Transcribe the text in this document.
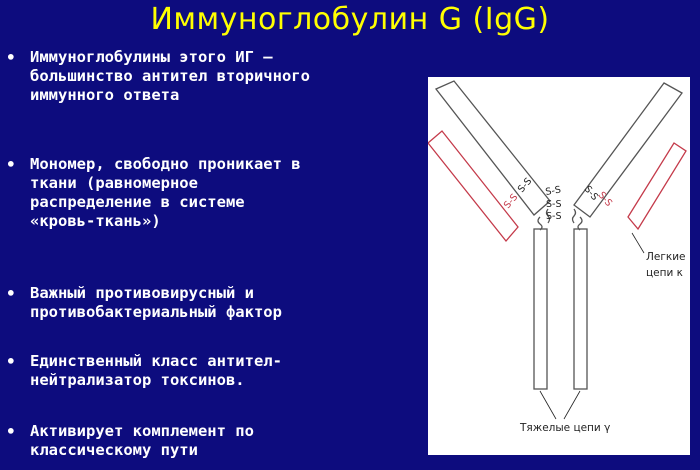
Иммуноглобулин G (IgG)
• Иммуноглобулины этого ИГ –
большинство антител вторичного
иммунного ответа
• Мономер, свободно проникает в
ткани (равномерное
распределение в системе
«кровь-ткань»)
• Важный противовирусный и
противобактериальный фактор
• Единственный класс антител-
нейтрализатор токсинов.
• Активирует комплемент по
классическому пути
S-S
S-S
S-S
S-S	S-S
S-S	S-S
Легкие
цепи κ
Тяжелые цепи γ
